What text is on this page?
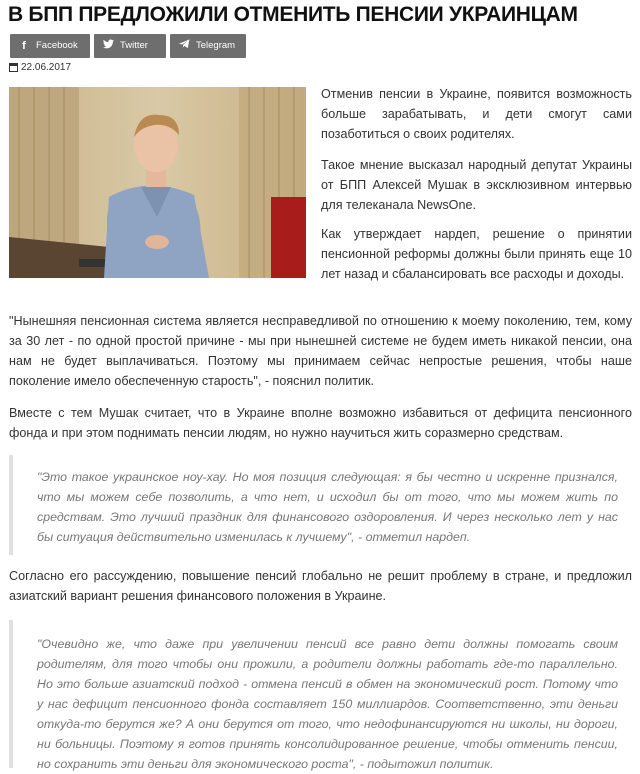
В БПП ПРЕДЛОЖИЛИ ОТМЕНИТЬ ПЕНСИИ УКРАИНЦАМ
f	Facebook	Twitter	Telegram
22.06.2017

Отменив пенсии в Украине, появится возможность больше зарабатывать, и дети смогут сами позаботиться о своих родителях.

Такое мнение высказал народный депутат Украины от БПП Алексей Мушак в эксклюзивном интервью для телеканала NewsOne.

Как утверждает нардеп, решение о принятии пенсионной реформы должны были принять еще 10 лет назад и сбалансировать все расходы и доходы.

"Нынешняя пенсионная система является несправедливой по отношению к моему поколению, тем, кому за 30 лет - по одной простой причине - мы при нынешней системе не будем иметь никакой пенсии, она нам не будет выплачиваться. Поэтому мы принимаем сейчас непростые решения, чтобы наше поколение имело обеспеченную старость", - пояснил политик.

Вместе с тем Мушак считает, что в Украине вполне возможно избавиться от дефицита пенсионного фонда и при этом поднимать пенсии людям, но нужно научиться жить соразмерно средствам.

"Это такое украинское ноу-хау. Но моя позиция следующая: я бы честно и искренне признался, что мы можем себе позволить, а что нет, и исходил бы от того, что мы можем жить по средствам. Это лучший праздник для финансового оздоровления. И через несколько лет у нас бы ситуация действительно изменилась к лучшему", - отметил нардеп.

Согласно его рассуждению, повышение пенсий глобально не решит проблему в стране, и предложил азиатский вариант решения финансового положения в Украине.

"Очевидно же, что даже при увеличении пенсий все равно дети должны помогать своим родителям, для того чтобы они прожили, а родители должны работать где-то параллельно. Но это больше азиатский подход - отмена пенсий в обмен на экономический рост. Потому что у нас дефицит пенсионного фонда составляет 150 миллиардов. Соответственно, эти деньги откуда-то берутся же? А они берутся от того, что недофинансируются ни школы, ни дороги, ни больницы. Поэтому я готов принять консолидированное решение, чтобы отменить пенсии, но сохранить эти деньги для экономического роста", - подытожил политик.
